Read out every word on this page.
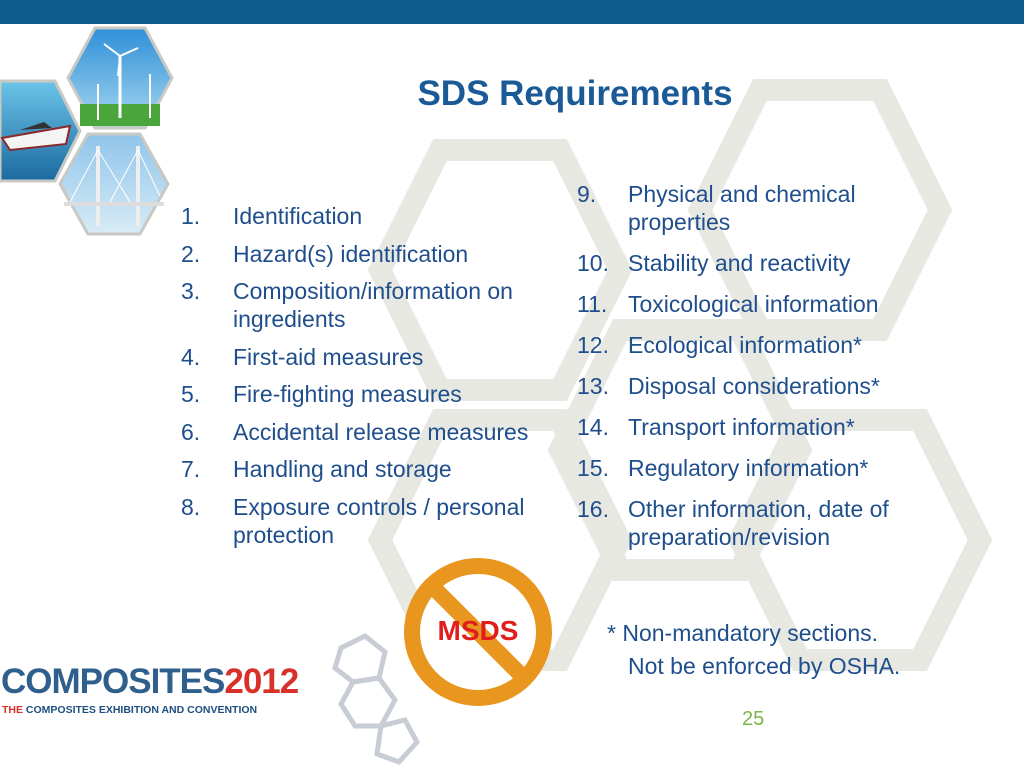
SDS Requirements
1.	Identification
2.	Hazard(s) identification
3.	Composition/information on ingredients
4.	First-aid measures
5.	Fire-fighting measures
6.	Accidental release measures
7.	Handling and storage
8.	Exposure controls / personal protection
9.	Physical and chemical properties
10. Stability and reactivity
11. Toxicological information
12. Ecological information*
13. Disposal considerations*
14. Transport information*
15. Regulatory information*
16. Other information, date of preparation/revision
* Non-mandatory sections.
Not be enforced by OSHA.
MSDS
COMPOSITES2012
THE COMPOSITES EXHIBITION AND CONVENTION	25
